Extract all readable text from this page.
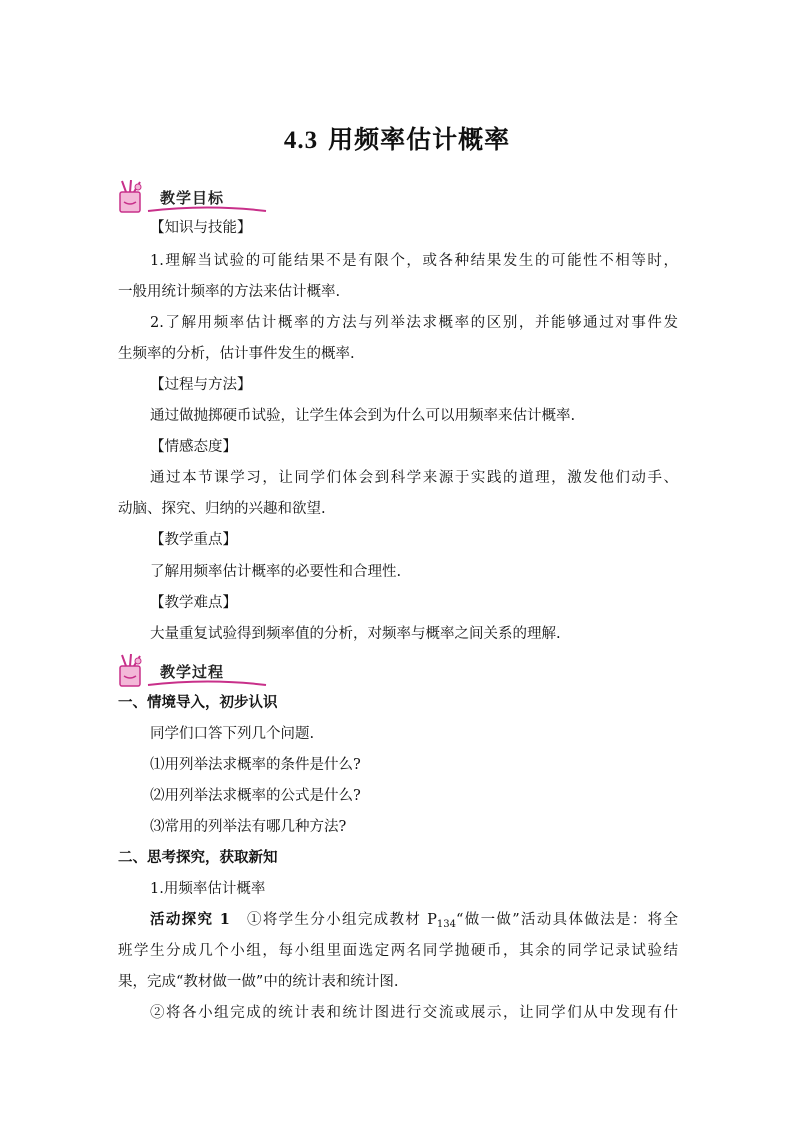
4.3 用频率估计概率
教学目标
【知识与技能】
1.理解当试验的可能结果不是有限个，或各种结果发生的可能性不相等时，
一般用统计频率的方法来估计概率.
2.了解用频率估计概率的方法与列举法求概率的区别，并能够通过对事件发
生频率的分析，估计事件发生的概率.
【过程与方法】
通过做抛掷硬币试验，让学生体会到为什么可以用频率来估计概率.
【情感态度】
通过本节课学习，让同学们体会到科学来源于实践的道理，激发他们动手、
动脑、探究、归纳的兴趣和欲望.
【教学重点】
了解用频率估计概率的必要性和合理性.
【教学难点】
大量重复试验得到频率值的分析，对频率与概率之间关系的理解.
教学过程
一、情境导入，初步认识
同学们口答下列几个问题.
⑴用列举法求概率的条件是什么?
⑵用列举法求概率的公式是什么?
⑶常用的列举法有哪几种方法?
二、思考探究，获取新知
1.用频率估计概率
活动探究 1　 ①将学生分小组完成教材 $P_{134}“$做一做”活动具体做法是：将全
班学生分成几个小组，每小组里面选定两名同学抛硬币，其余的同学记录试验结
果，完成“教材做一做”中的统计表和统计图.
②将各小组完成的统计表和统计图进行交流或展示，让同学们从中发现有什
